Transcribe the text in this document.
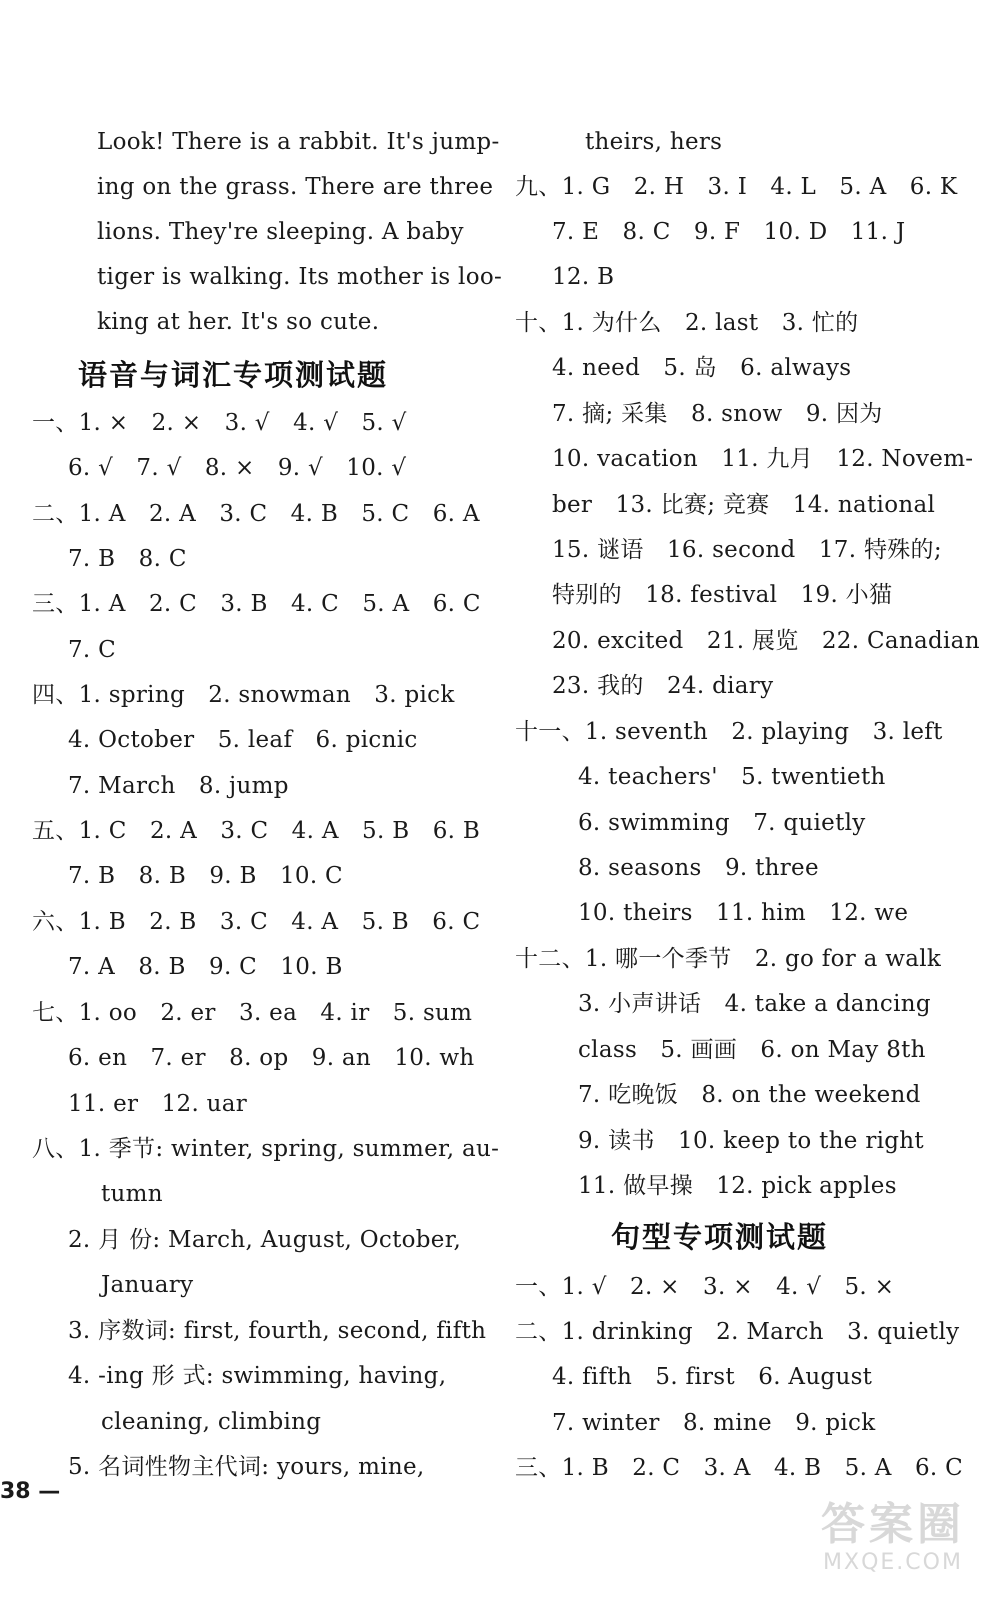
Look! There is a rabbit. It's jump-
ing on the grass. There are three
lions. They're sleeping. A baby
tiger is walking. Its mother is loo-
king at her. It's so cute.
语音与词汇专项测试题
一、1. ×　2. ×　3. √　4. √　5. √
6. √　7. √　8. ×　9. √　10. √
二、1. A　2. A　3. C　4. B　5. C　6. A
7. B　8. C
三、1. A　2. C　3. B　4. C　5. A　6. C
7. C
四、1. spring　2. snowman　3. pick
4. October　5. leaf　6. picnic
7. March　8. jump
五、1. C　2. A　3. C　4. A　5. B　6. B
7. B　8. B　9. B　10. C
六、1. B　2. B　3. C　4. A　5. B　6. C
7. A　8. B　9. C　10. B
七、1. oo　2. er　3. ea　4. ir　5. sum
6. en　7. er　8. op　9. an　10. wh
11. er　12. uar
八、1. 季节: winter, spring, summer, au-
tumn
2. 月 份: March, August, October,
January
3. 序数词: first, fourth, second, fifth
4. -ing 形 式: swimming, having,
cleaning, climbing
5. 名词性物主代词: yours, mine,
38 —
theirs, hers
九、1. G　2. H　3. I　4. L　5. A　6. K
7. E　8. C　9. F　10. D　11. J
12. B
十、1. 为什么　2. last　3. 忙的
4. need　5. 岛　6. always
7. 摘; 采集　8. snow　9. 因为
10. vacation　11. 九月　12. Novem-
ber　13. 比赛; 竞赛　14. national
15. 谜语　16. second　17. 特殊的;
特别的　18. festival　19. 小猫
20. excited　21. 展览　22. Canadian
23. 我的　24. diary
十一、1. seventh　2. playing　3. left
4. teachers'　5. twentieth
6. swimming　7. quietly
8. seasons　9. three
10. theirs　11. him　12. we
十二、1. 哪一个季节　2. go for a walk
3. 小声讲话　4. take a dancing
class　5. 画画　6. on May 8th
7. 吃晚饭　8. on the weekend
9. 读书　10. keep to the right
11. 做早操　12. pick apples
句型专项测试题
一、1. √　2. ×　3. ×　4. √　5. ×
二、1. drinking　2. March　3. quietly
4. fifth　5. first　6. August
7. winter　8. mine　9. pick
三、1. B　2. C　3. A　4. B　5. A　6. C
答案圈
MXQE.COM
